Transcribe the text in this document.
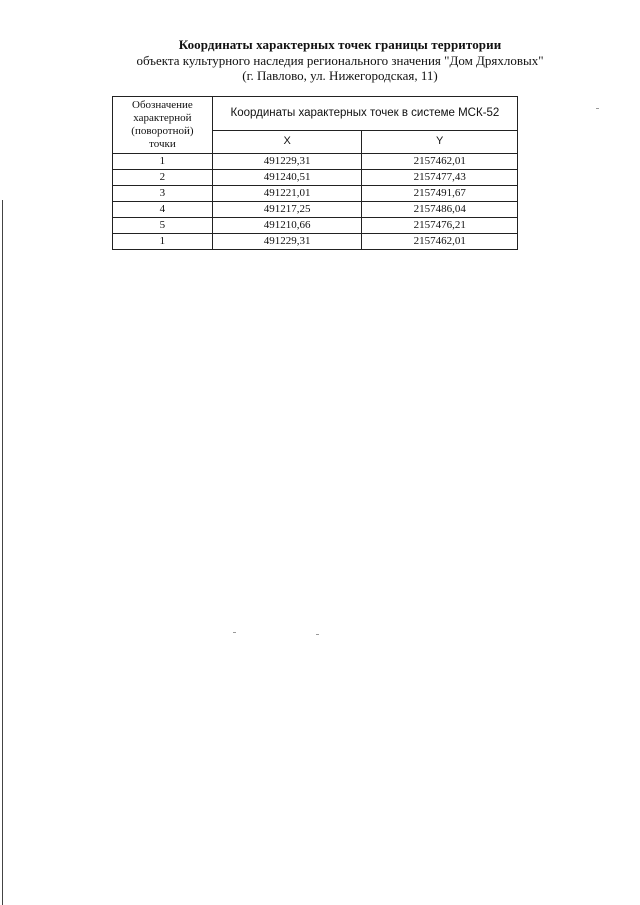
Координаты характерных точек границы территории
объекта культурного наследия регионального значения "Дом Дряхловых"
(г. Павлово, ул. Нижегородская, 11)
Обозначение
характерной
(поворотной)
точки	Координаты характерных точек в системе МСК-52	
	X	Y
1	491229,31	2157462,01
2	491240,51	2157477,43
3	491221,01	2157491,67
4	491217,25	2157486,04
5	491210,66	2157476,21
1	491229,31	2157462,01
